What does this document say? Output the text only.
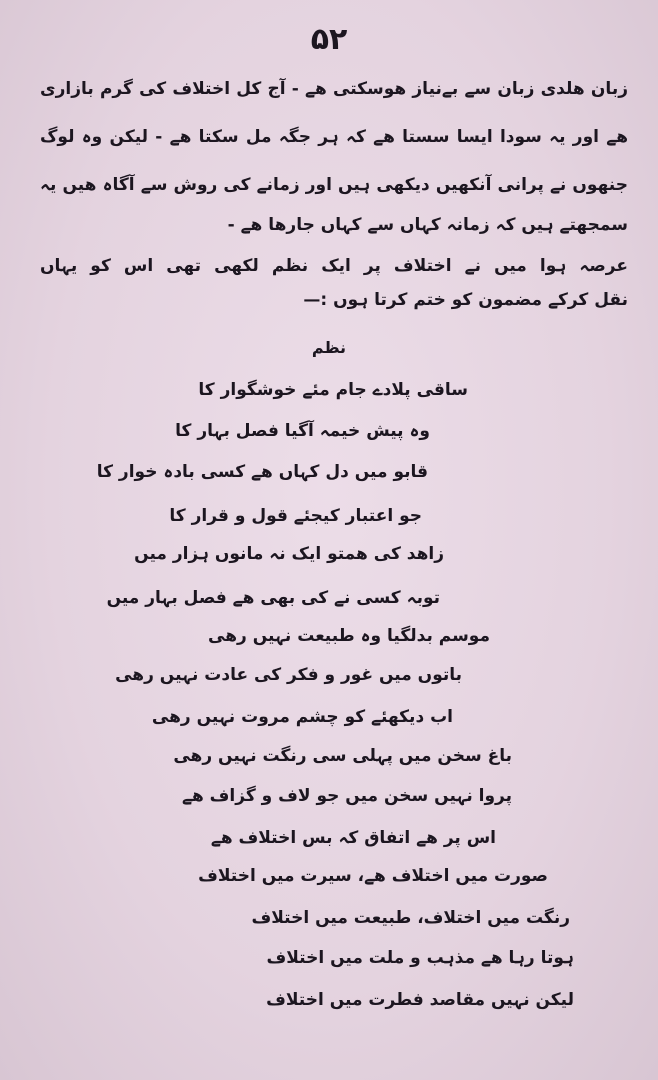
۵۲
زبان هلدی زبان سے بےنیاز هوسکتی ھے - آج کل اختلاف کی گرم بازاری
ھے اور یہ سودا ایسا سستا ھے کہ ہر جگہ مل سکتا ھے - لیکن وہ لوگ
جنھوں نے پرانی آنکھیں دیکھی ہیں اور زمانے کی روش سے آگاہ ھیں یہ
سمجھتے ہیں کہ زمانہ کہاں سے کہاں جارھا ھے -
عرصہ ہوا میں نے اختلاف پر ایک نظم لکھی تھی اس کو یہاں
نقل کرکے مضمون کو ختم کرتا ہوں :—
نظم
ساقی پلادے جام مئے خوشگوار کا
وہ پیش خیمہ آگیا فصل بہار کا
قابو میں دل کہاں ھے کسی بادہ خوار کا
جو اعتبار کیجئے قول و قرار کا
زاھد کی ھمتو ایک نہ مانوں ہزار میں
توبہ کسی نے کی بھی ھے فصل بہار میں
موسم بدلگیا وہ طبیعت نہیں رھی
باتوں میں غور و فکر کی عادت نہیں رھی
اب دیکھئے کو چشم مروت نہیں رھی
باغ سخن میں پہلی سی رنگت نہیں رھی
پروا نہیں سخن میں جو لاف و گزاف ھے
اس پر ھے اتفاق کہ بس اختلاف ھے
صورت میں اختلاف ھے، سیرت میں اختلاف
رنگت میں اختلاف، طبیعت میں اختلاف
ہوتا رہا ھے مذہب و ملت میں اختلاف
لیکن نہیں مقاصد فطرت میں اختلاف
